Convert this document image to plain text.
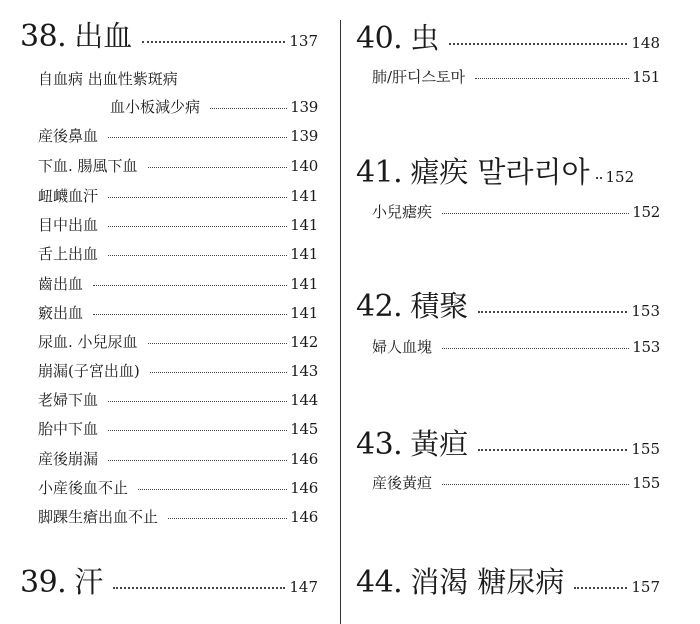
38. 出血	137
自血病 出血性紫斑病
血小板減少病	139
産後鼻血	139
下血. 腸風下血	140
衄衊血汗	141
目中出血	141
舌上出血	141
齒出血	141
竅出血	141
尿血. 小兒尿血	142
崩漏(子宮出血)	143
老婦下血	144
胎中下血	145
産後崩漏	146
小産後血不止	146
脚踝生瘡出血不止	146
39. 汗	147
40. 虫	148
肺/肝디스토마	151
41. 瘧疾 말라리아 152
小兒瘧疾	152
42. 積聚	153
婦人血塊	153
43. 黃疸	155
産後黃疸	155
44. 消渴 糖尿病	157
